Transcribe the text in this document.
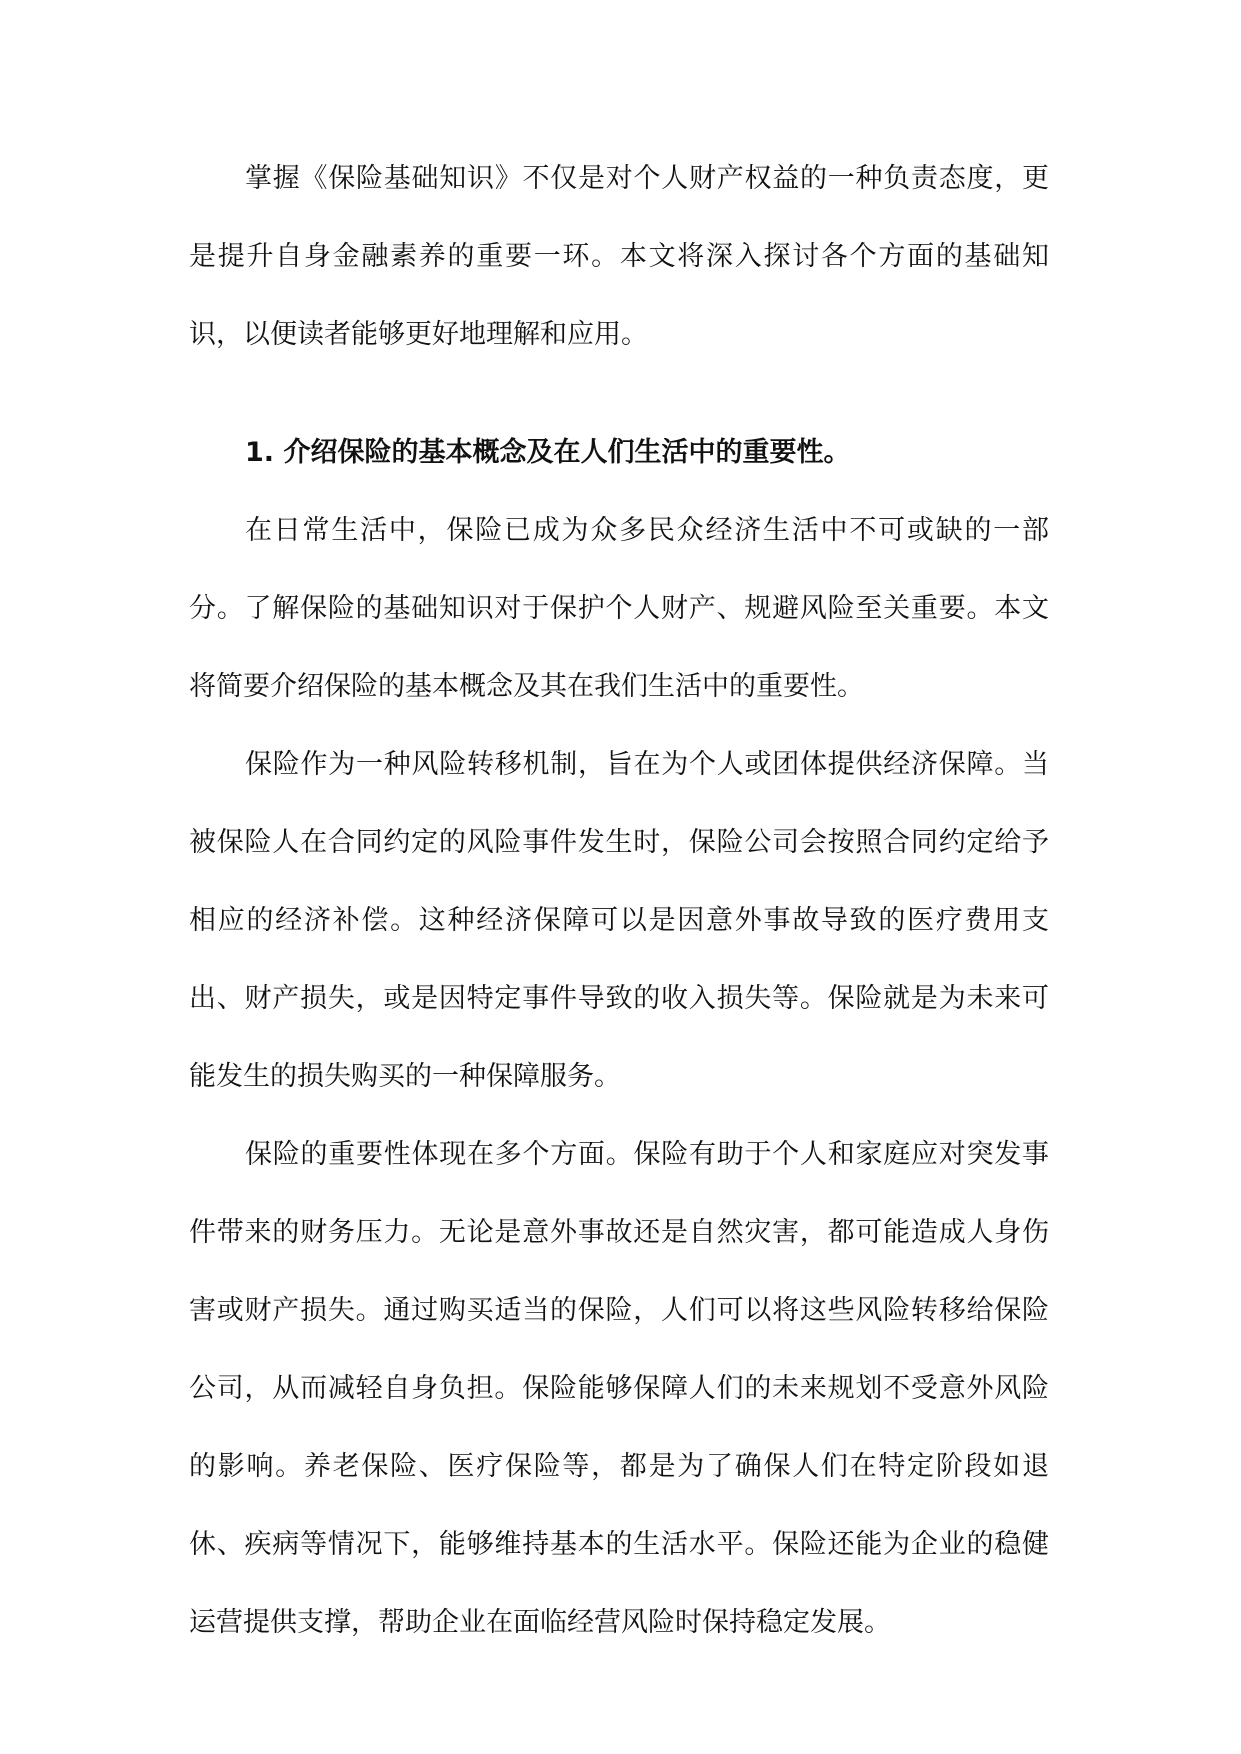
掌握《保险基础知识》不仅是对个人财产权益的一种负责态度，更是提升自身金融素养的重要一环。本文将深入探讨各个方面的基础知识，以便读者能够更好地理解和应用。

1. 介绍保险的基本概念及在人们生活中的重要性。

在日常生活中，保险已成为众多民众经济生活中不可或缺的一部分。了解保险的基础知识对于保护个人财产、规避风险至关重要。本文将简要介绍保险的基本概念及其在我们生活中的重要性。

保险作为一种风险转移机制，旨在为个人或团体提供经济保障。当被保险人在合同约定的风险事件发生时，保险公司会按照合同约定给予相应的经济补偿。这种经济保障可以是因意外事故导致的医疗费用支出、财产损失，或是因特定事件导致的收入损失等。保险就是为未来可能发生的损失购买的一种保障服务。

保险的重要性体现在多个方面。保险有助于个人和家庭应对突发事件带来的财务压力。无论是意外事故还是自然灾害，都可能造成人身伤害或财产损失。通过购买适当的保险，人们可以将这些风险转移给保险公司，从而减轻自身负担。保险能够保障人们的未来规划不受意外风险的影响。养老保险、医疗保险等，都是为了确保人们在特定阶段如退休、疾病等情况下，能够维持基本的生活水平。保险还能为企业的稳健运营提供支撑，帮助企业在面临经营风险时保持稳定发展。
